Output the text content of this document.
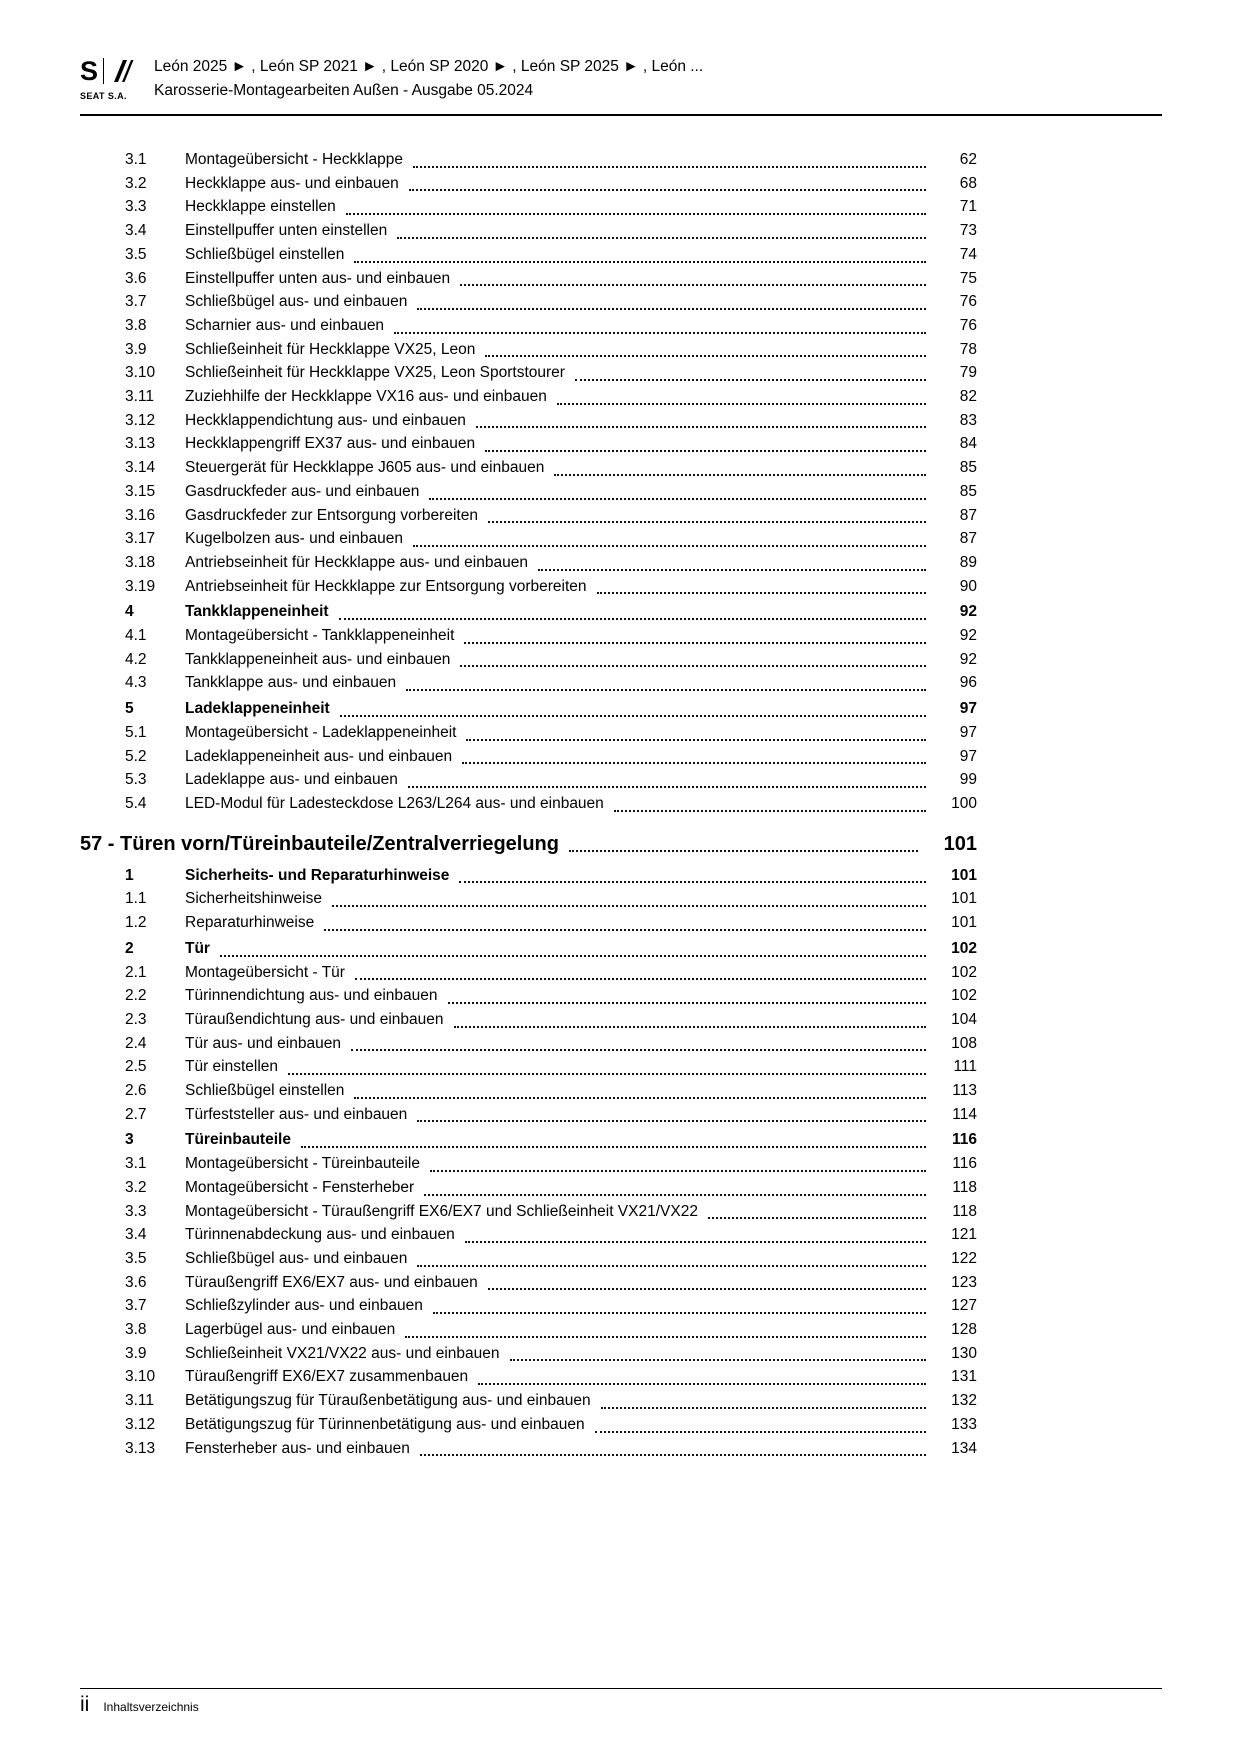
S
SEAT S.A.
León 2025 ► , León SP 2021 ► , León SP 2020 ► , León SP 2025 ► , León ...
Karosserie-Montagearbeiten Außen - Ausgabe 05.2024
3.1	Montageübersicht - Heckklappe	62
3.2	Heckklappe aus- und einbauen	68
3.3	Heckklappe einstellen	71
3.4	Einstellpuffer unten einstellen	73
3.5	Schließbügel einstellen	74
3.6	Einstellpuffer unten aus- und einbauen	75
3.7	Schließbügel aus- und einbauen	76
3.8	Scharnier aus- und einbauen	76
3.9	Schließeinheit für Heckklappe VX25, Leon	78
3.10	Schließeinheit für Heckklappe VX25, Leon Sportstourer	79
3.11	Zuziehhilfe der Heckklappe VX16 aus- und einbauen	82
3.12	Heckklappendichtung aus- und einbauen	83
3.13	Heckklappengriff EX37 aus- und einbauen	84
3.14	Steuergerät für Heckklappe J605 aus- und einbauen	85
3.15	Gasdruckfeder aus- und einbauen	85
3.16	Gasdruckfeder zur Entsorgung vorbereiten	87
3.17	Kugelbolzen aus- und einbauen	87
3.18	Antriebseinheit für Heckklappe aus- und einbauen	89
3.19	Antriebseinheit für Heckklappe zur Entsorgung vorbereiten	90
4	Tankklappeneinheit	92
4.1	Montageübersicht - Tankklappeneinheit	92
4.2	Tankklappeneinheit aus- und einbauen	92
4.3	Tankklappe aus- und einbauen	96
5	Ladeklappeneinheit	97
5.1	Montageübersicht - Ladeklappeneinheit	97
5.2	Ladeklappeneinheit aus- und einbauen	97
5.3	Ladeklappe aus- und einbauen	99
5.4	LED-Modul für Ladesteckdose L263/L264 aus- und einbauen	100
57 - Türen vorn/Türeinbauteile/Zentralverriegelung	101
1	Sicherheits- und Reparaturhinweise	101
1.1	Sicherheitshinweise	101
1.2	Reparaturhinweise	101
2	Tür	102
2.1	Montageübersicht - Tür	102
2.2	Türinnendichtung aus- und einbauen	102
2.3	Türaußendichtung aus- und einbauen	104
2.4	Tür aus- und einbauen	108
2.5	Tür einstellen	111
2.6	Schließbügel einstellen	113
2.7	Türfeststeller aus- und einbauen	114
3	Türeinbauteile	116
3.1	Montageübersicht - Türeinbauteile	116
3.2	Montageübersicht - Fensterheber	118
3.3	Montageübersicht - Türaußengriff EX6/EX7 und Schließeinheit VX21/VX22	118
3.4	Türinnenabdeckung aus- und einbauen	121
3.5	Schließbügel aus- und einbauen	122
3.6	Türaußengriff EX6/EX7 aus- und einbauen	123
3.7	Schließzylinder aus- und einbauen	127
3.8	Lagerbügel aus- und einbauen	128
3.9	Schließeinheit VX21/VX22 aus- und einbauen	130
3.10	Türaußengriff EX6/EX7 zusammenbauen	131
3.11	Betätigungszug für Türaußenbetätigung aus- und einbauen	132
3.12	Betätigungszug für Türinnenbetätigung aus- und einbauen	133
3.13	Fensterheber aus- und einbauen	134
ii Inhaltsverzeichnis
